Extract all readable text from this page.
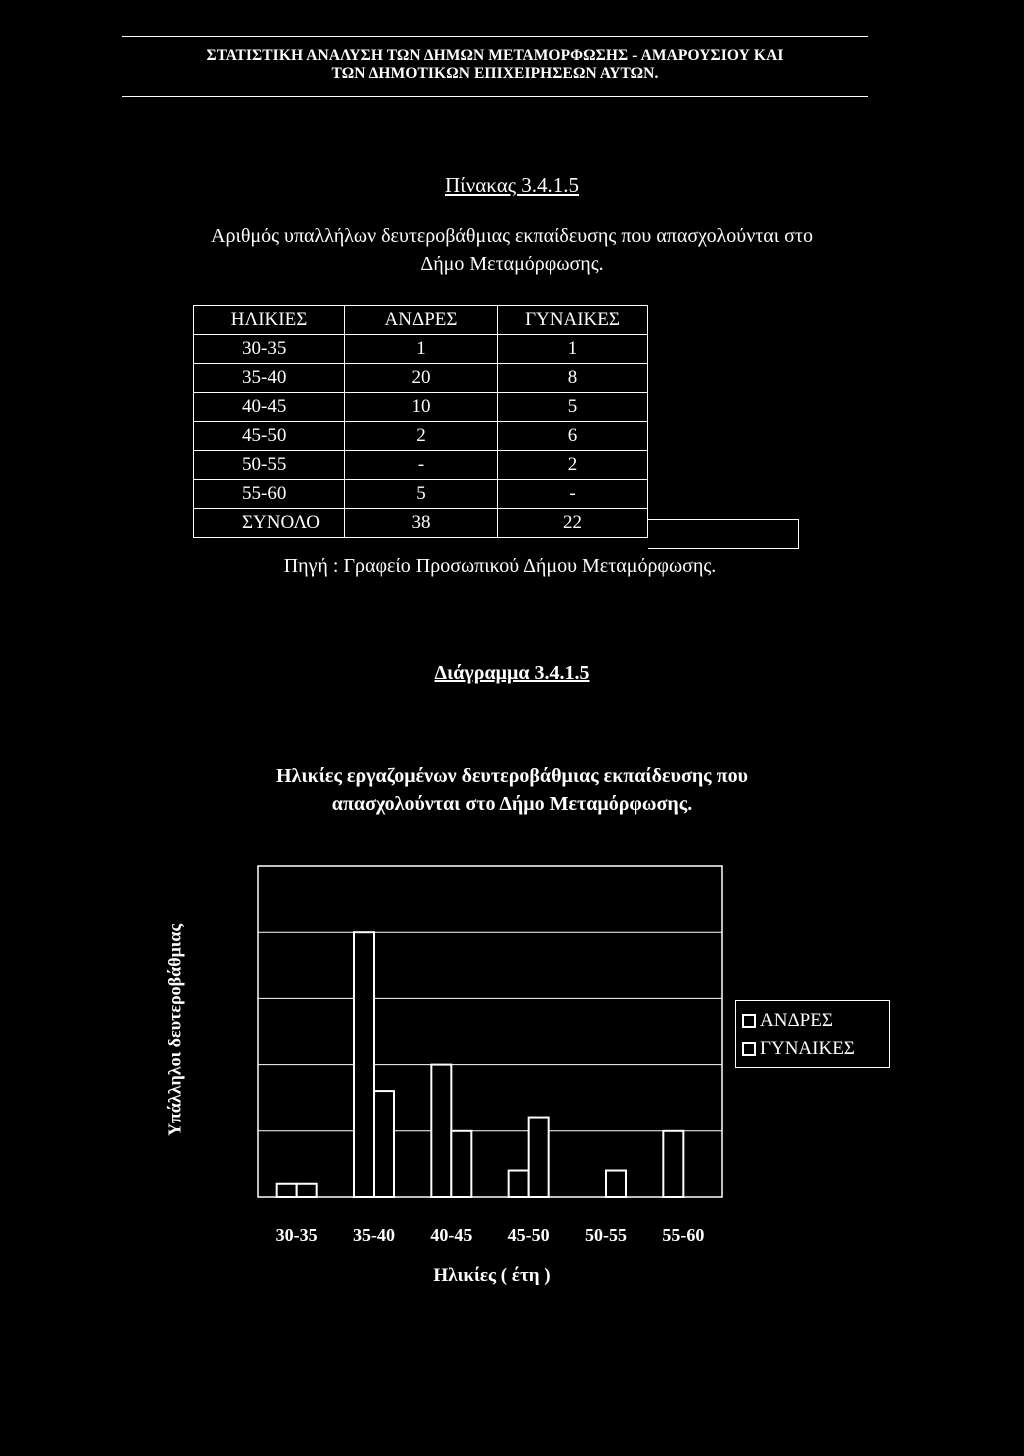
ΣΤΑΤΙΣΤΙΚΗ ΑΝΑΛΥΣΗ ΤΩΝ ΔΗΜΩΝ ΜΕΤΑΜΟΡΦΩΣΗΣ - ΑΜΑΡΟΥΣΙΟΥ ΚΑΙ
ΤΩΝ ΔΗΜΟΤΙΚΩΝ ΕΠΙΧΕΙΡΗΣΕΩΝ ΑΥΤΩΝ.
Πίνακας 3.4.1.5
Αριθμός υπαλλήλων δευτεροβάθμιας εκπαίδευσης που απασχολούνται στο
Δήμο Μεταμόρφωσης.
ΗΛΙΚΙΕΣ	ΑΝΔΡΕΣ	ΓΥΝΑΙΚΕΣ
30-35	1	1
35-40	20	8
40-45	10	5
45-50	2	6
50-55	-	2
55-60	5	-
ΣΥΝΟΛΟ	38	22
Πηγή : Γραφείο Προσωπικού Δήμου Μεταμόρφωσης.
Διάγραμμα 3.4.1.5
Ηλικίες εργαζομένων δευτεροβάθμιας εκπαίδευσης που
απασχολούνται στο Δήμο Μεταμόρφωσης.
Υπάλληλοι δευτεροβάθμιας
30-35 35-40 40-45 45-50 50-55 55-60
ΑΝΔΡΕΣ
ΓΥΝΑΙΚΕΣ
Ηλικίες ( έτη )
